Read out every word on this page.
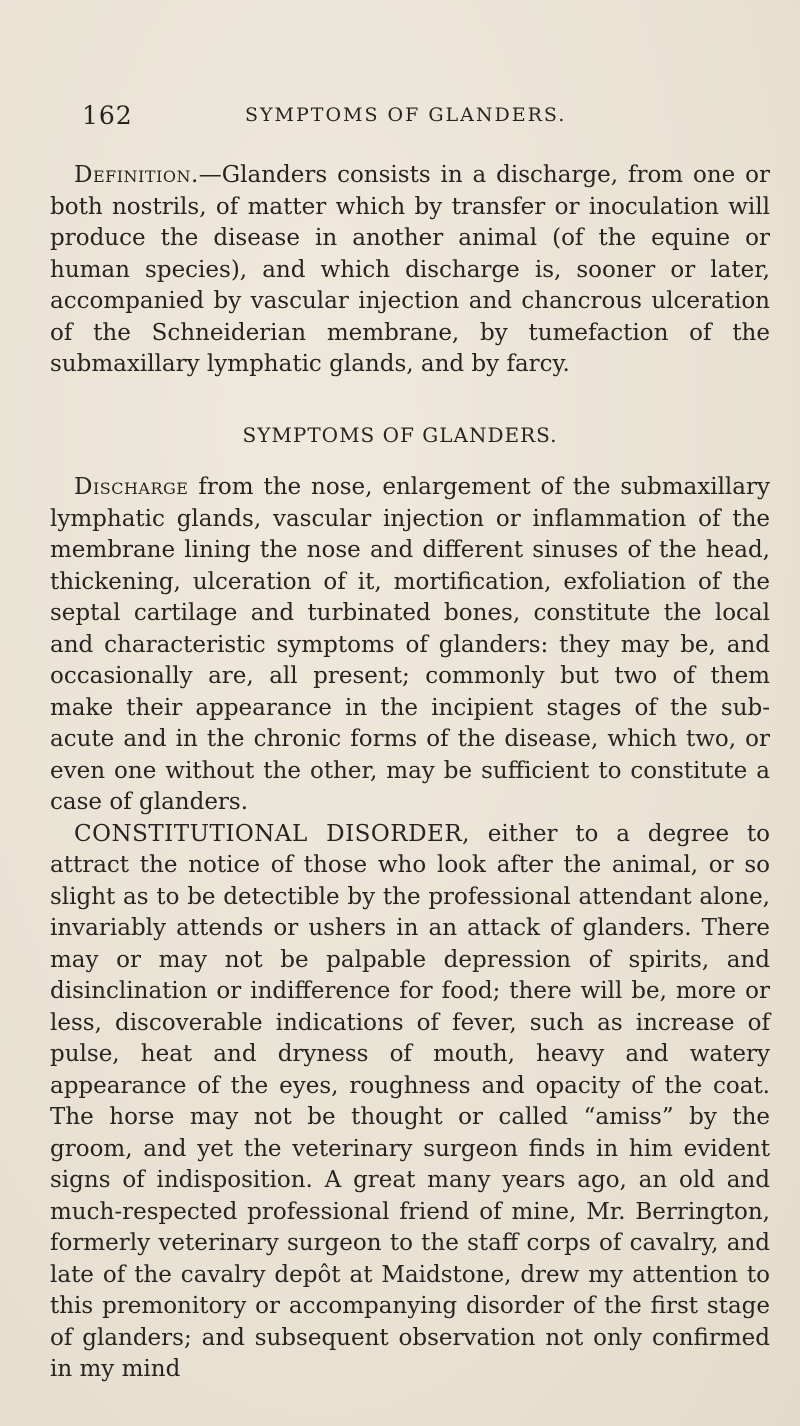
162	SYMPTOMS OF GLANDERS.

Definition.—Glanders consists in a discharge, from one or both nostrils, of matter which by transfer or inoculation will produce the disease in another animal (of the equine or human species), and which discharge is, sooner or later, accompanied by vascular injection and chancrous ulceration of the Schneiderian membrane, by tumefaction of the submaxillary lymphatic glands, and by farcy.

SYMPTOMS OF GLANDERS.

Discharge from the nose, enlargement of the submaxillary lymphatic glands, vascular injection or inflammation of the membrane lining the nose and different sinuses of the head, thickening, ulceration of it, mortification, exfoliation of the septal cartilage and turbinated bones, constitute the local and characteristic symptoms of glanders: they may be, and occasionally are, all present; commonly but two of them make their appearance in the incipient stages of the sub-acute and in the chronic forms of the disease, which two, or even one without the other, may be sufficient to constitute a case of glanders.

CONSTITUTIONAL DISORDER, either to a degree to attract the notice of those who look after the animal, or so slight as to be detectible by the professional attendant alone, invariably attends or ushers in an attack of glanders. There may or may not be palpable depression of spirits, and disinclination or indifference for food; there will be, more or less, discoverable indications of fever, such as increase of pulse, heat and dryness of mouth, heavy and watery appearance of the eyes, roughness and opacity of the coat. The horse may not be thought or called “amiss” by the groom, and yet the veterinary surgeon finds in him evident signs of indisposition. A great many years ago, an old and much-respected professional friend of mine, Mr. Berrington, formerly veterinary surgeon to the staff corps of cavalry, and late of the cavalry depôt at Maidstone, drew my attention to this premonitory or accompanying disorder of the first stage of glanders; and subsequent observation not only confirmed in my mind
